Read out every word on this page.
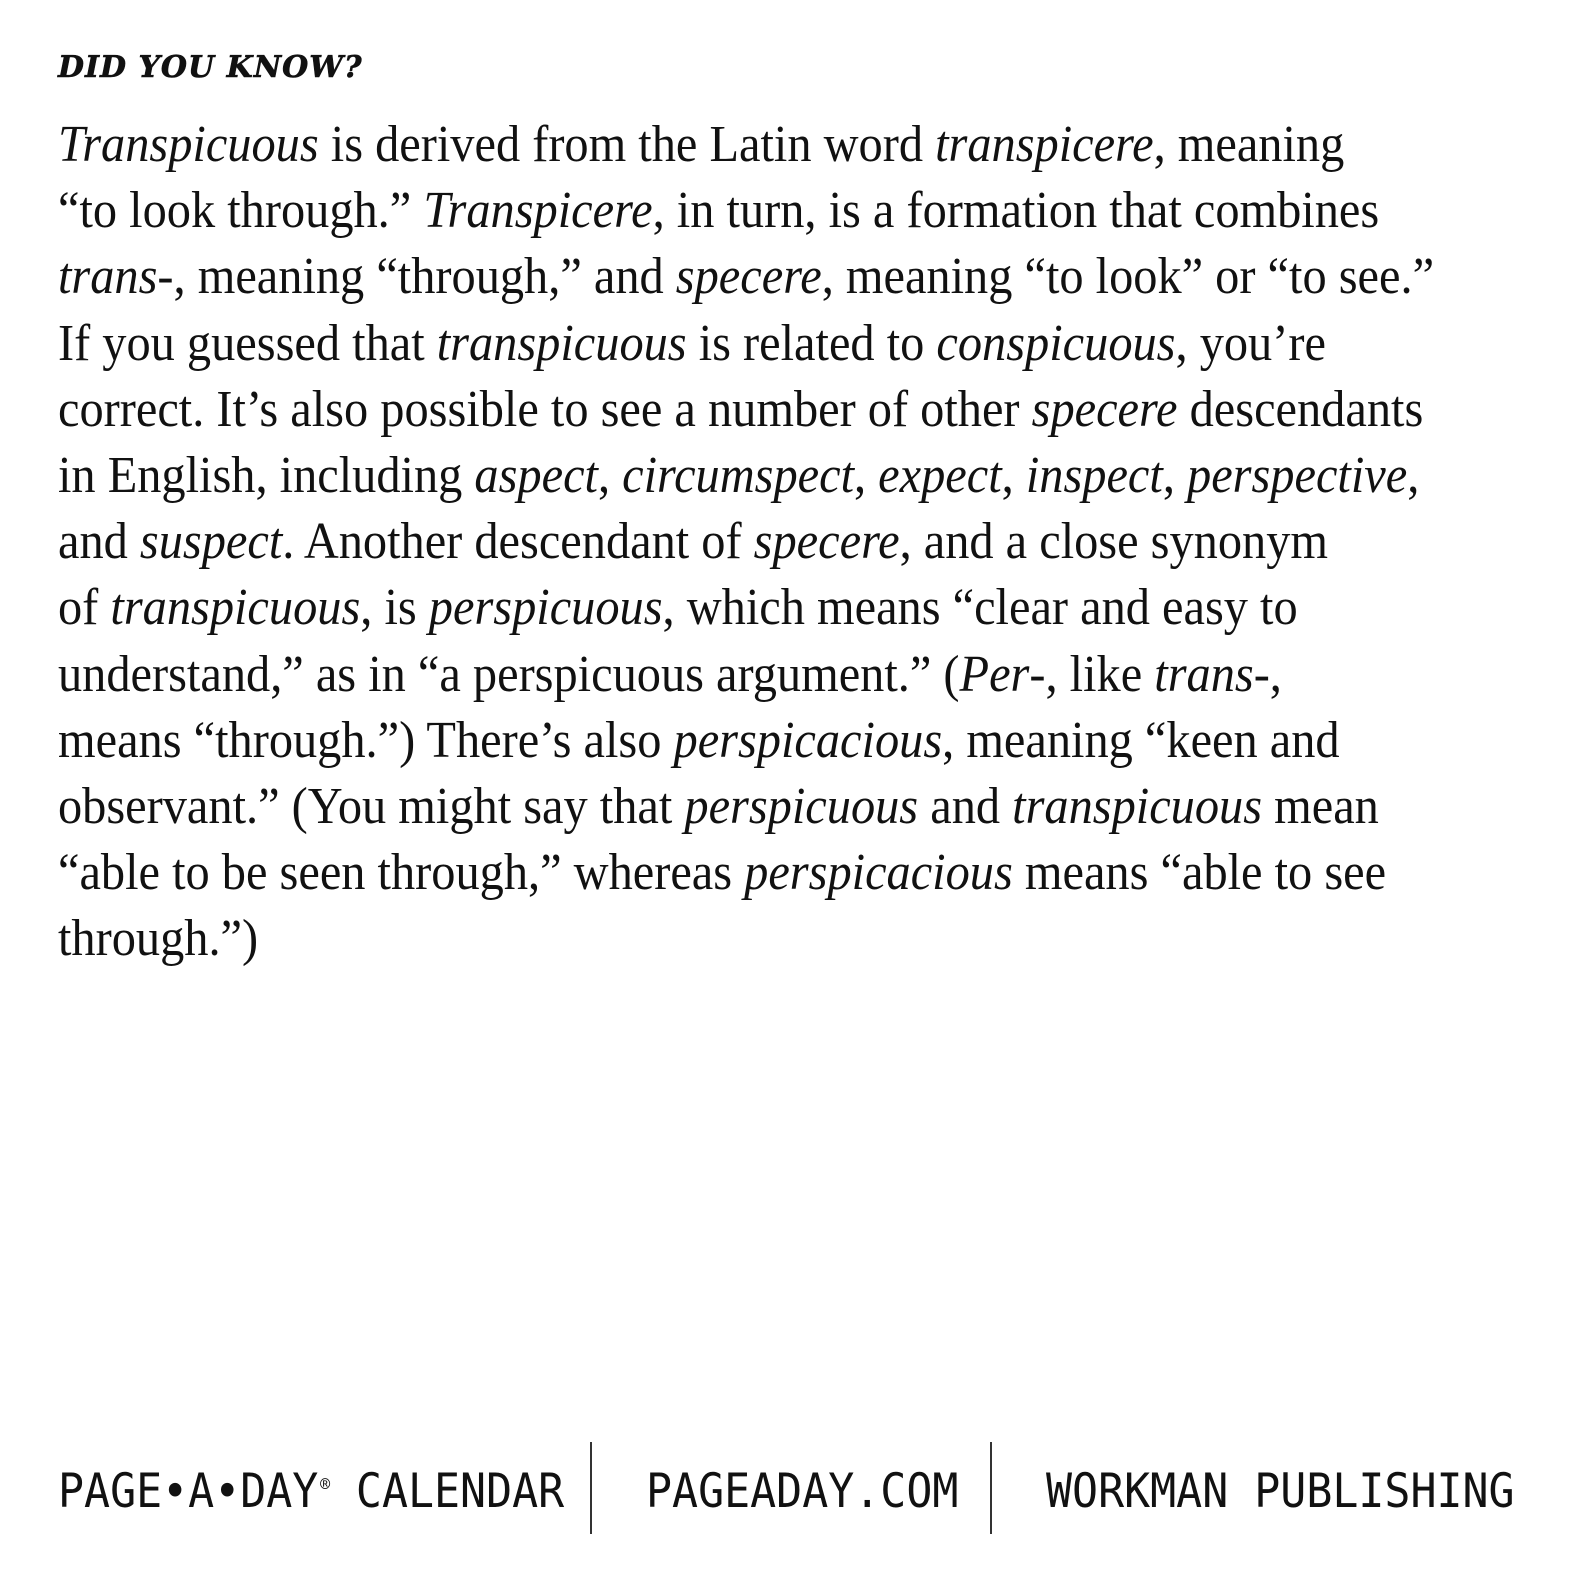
DID YOU KNOW?
Transpicuous is derived from the Latin word transpicere, meaning
“to look through.” Transpicere, in turn, is a formation that combines
trans-, meaning “through,” and specere, meaning “to look” or “to see.”
If you guessed that transpicuous is related to conspicuous, you’re
correct. It’s also possible to see a number of other specere descendants
in English, including aspect, circumspect, expect, inspect, perspective,
and suspect. Another descendant of specere, and a close synonym
of transpicuous, is perspicuous, which means “clear and easy to
understand,” as in “a perspicuous argument.” (Per-, like trans-,
means “through.”) There’s also perspicacious, meaning “keen and
observant.” (You might say that perspicuous and transpicuous mean
“able to be seen through,” whereas perspicacious means “able to see
through.”)
PAGE•A•DAY ® CALENDAR PAGEADAY.COM WORKMAN PUBLISHING
